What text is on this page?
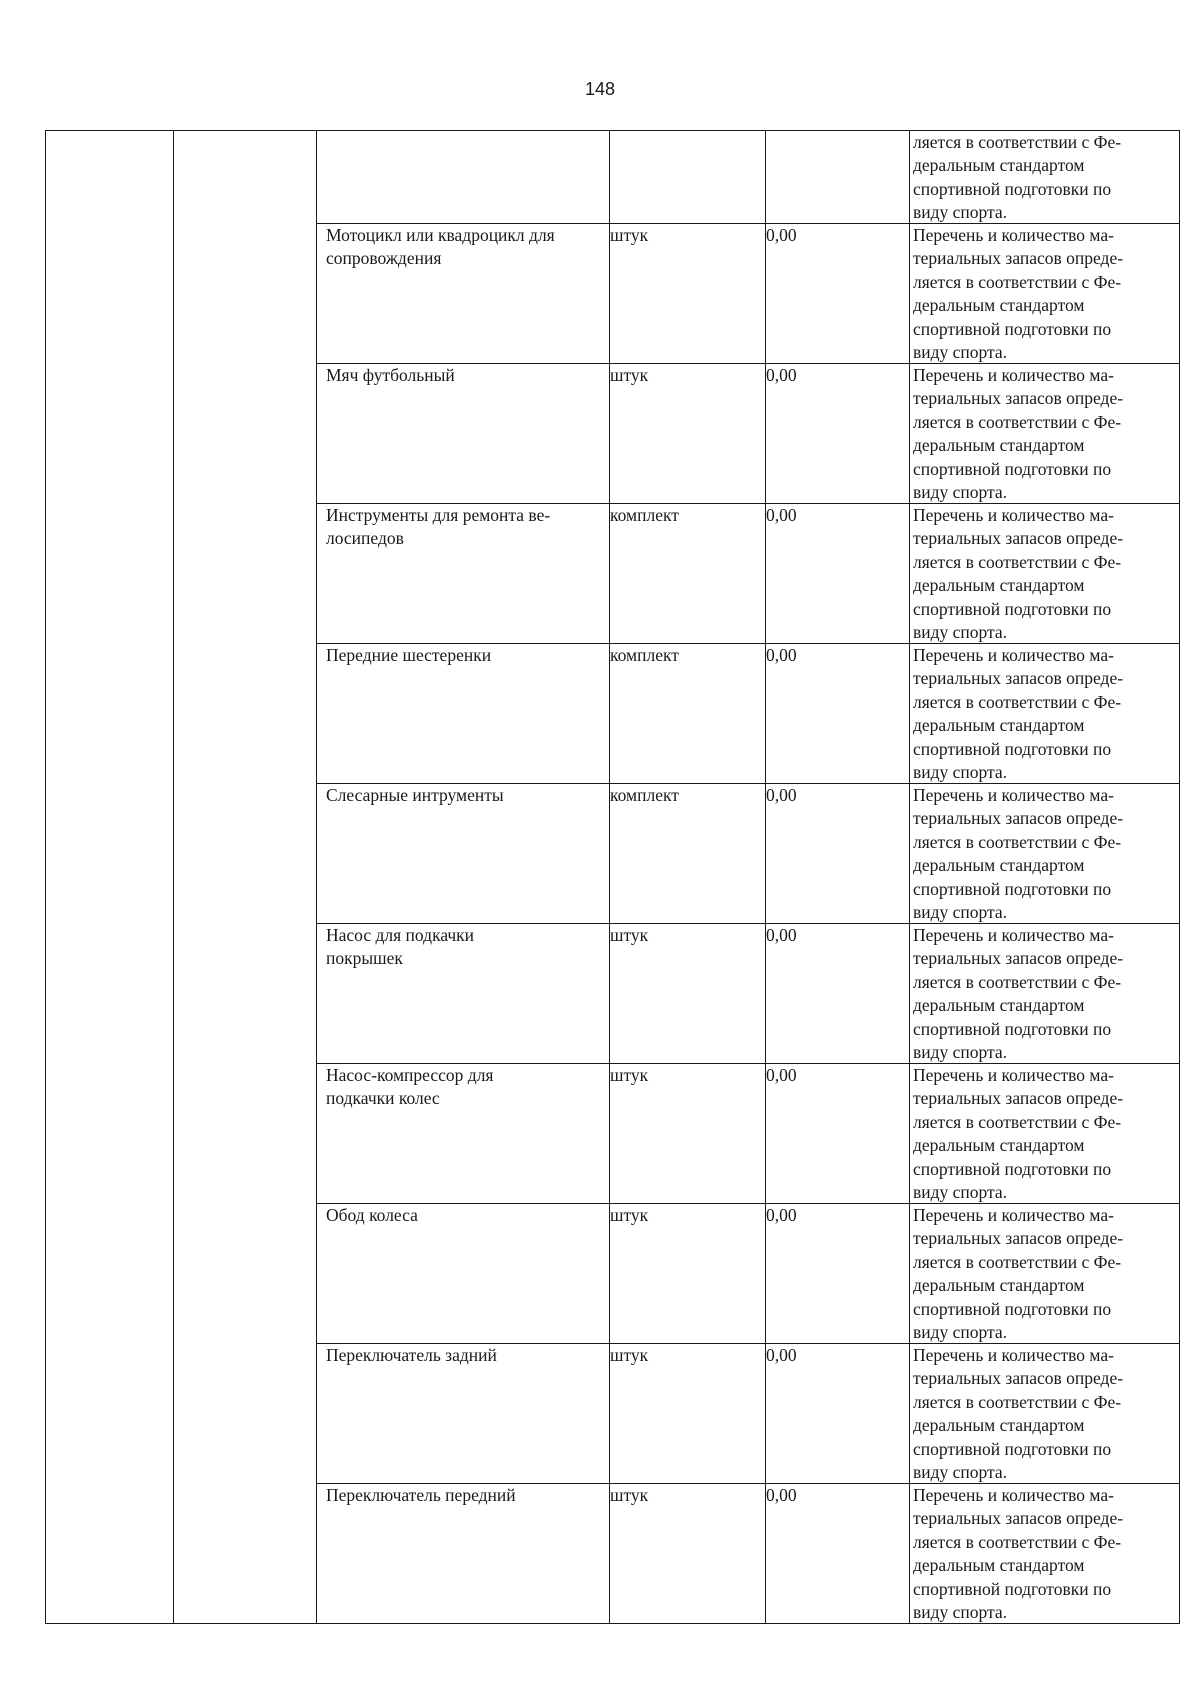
148
ляется в соответствии с Фе-
деральным стандартом
спортивной подготовки по
виду спорта.
Мотоцикл или квадроцикл для
сопровождения
штук	0,00	Перечень и количество ма-
териальных запасов опреде-
ляется в соответствии с Фе-
деральным стандартом
спортивной подготовки по
виду спорта.
Мяч футбольный	штук	0,00	Перечень и количество ма-
териальных запасов опреде-
ляется в соответствии с Фе-
деральным стандартом
спортивной подготовки по
виду спорта.
Инструменты для ремонта ве-
лосипедов
комплект	0,00	Перечень и количество ма-
териальных запасов опреде-
ляется в соответствии с Фе-
деральным стандартом
спортивной подготовки по
виду спорта.
Передние шестеренки	комплект	0,00	Перечень и количество ма-
териальных запасов опреде-
ляется в соответствии с Фе-
деральным стандартом
спортивной подготовки по
виду спорта.
Слесарные интрументы	комплект	0,00	Перечень и количество ма-
териальных запасов опреде-
ляется в соответствии с Фе-
деральным стандартом
спортивной подготовки по
виду спорта.
Насос для подкачки
покрышек
штук	0,00	Перечень и количество ма-
териальных запасов опреде-
ляется в соответствии с Фе-
деральным стандартом
спортивной подготовки по
виду спорта.
Насос-компрессор для
подкачки колес
штук	0,00	Перечень и количество ма-
териальных запасов опреде-
ляется в соответствии с Фе-
деральным стандартом
спортивной подготовки по
виду спорта.
Обод колеса	штук	0,00	Перечень и количество ма-
териальных запасов опреде-
ляется в соответствии с Фе-
деральным стандартом
спортивной подготовки по
виду спорта.
Переключатель задний	штук	0,00	Перечень и количество ма-
териальных запасов опреде-
ляется в соответствии с Фе-
деральным стандартом
спортивной подготовки по
виду спорта.
Переключатель передний	штук	0,00	Перечень и количество ма-
териальных запасов опреде-
ляется в соответствии с Фе-
деральным стандартом
спортивной подготовки по
виду спорта.
